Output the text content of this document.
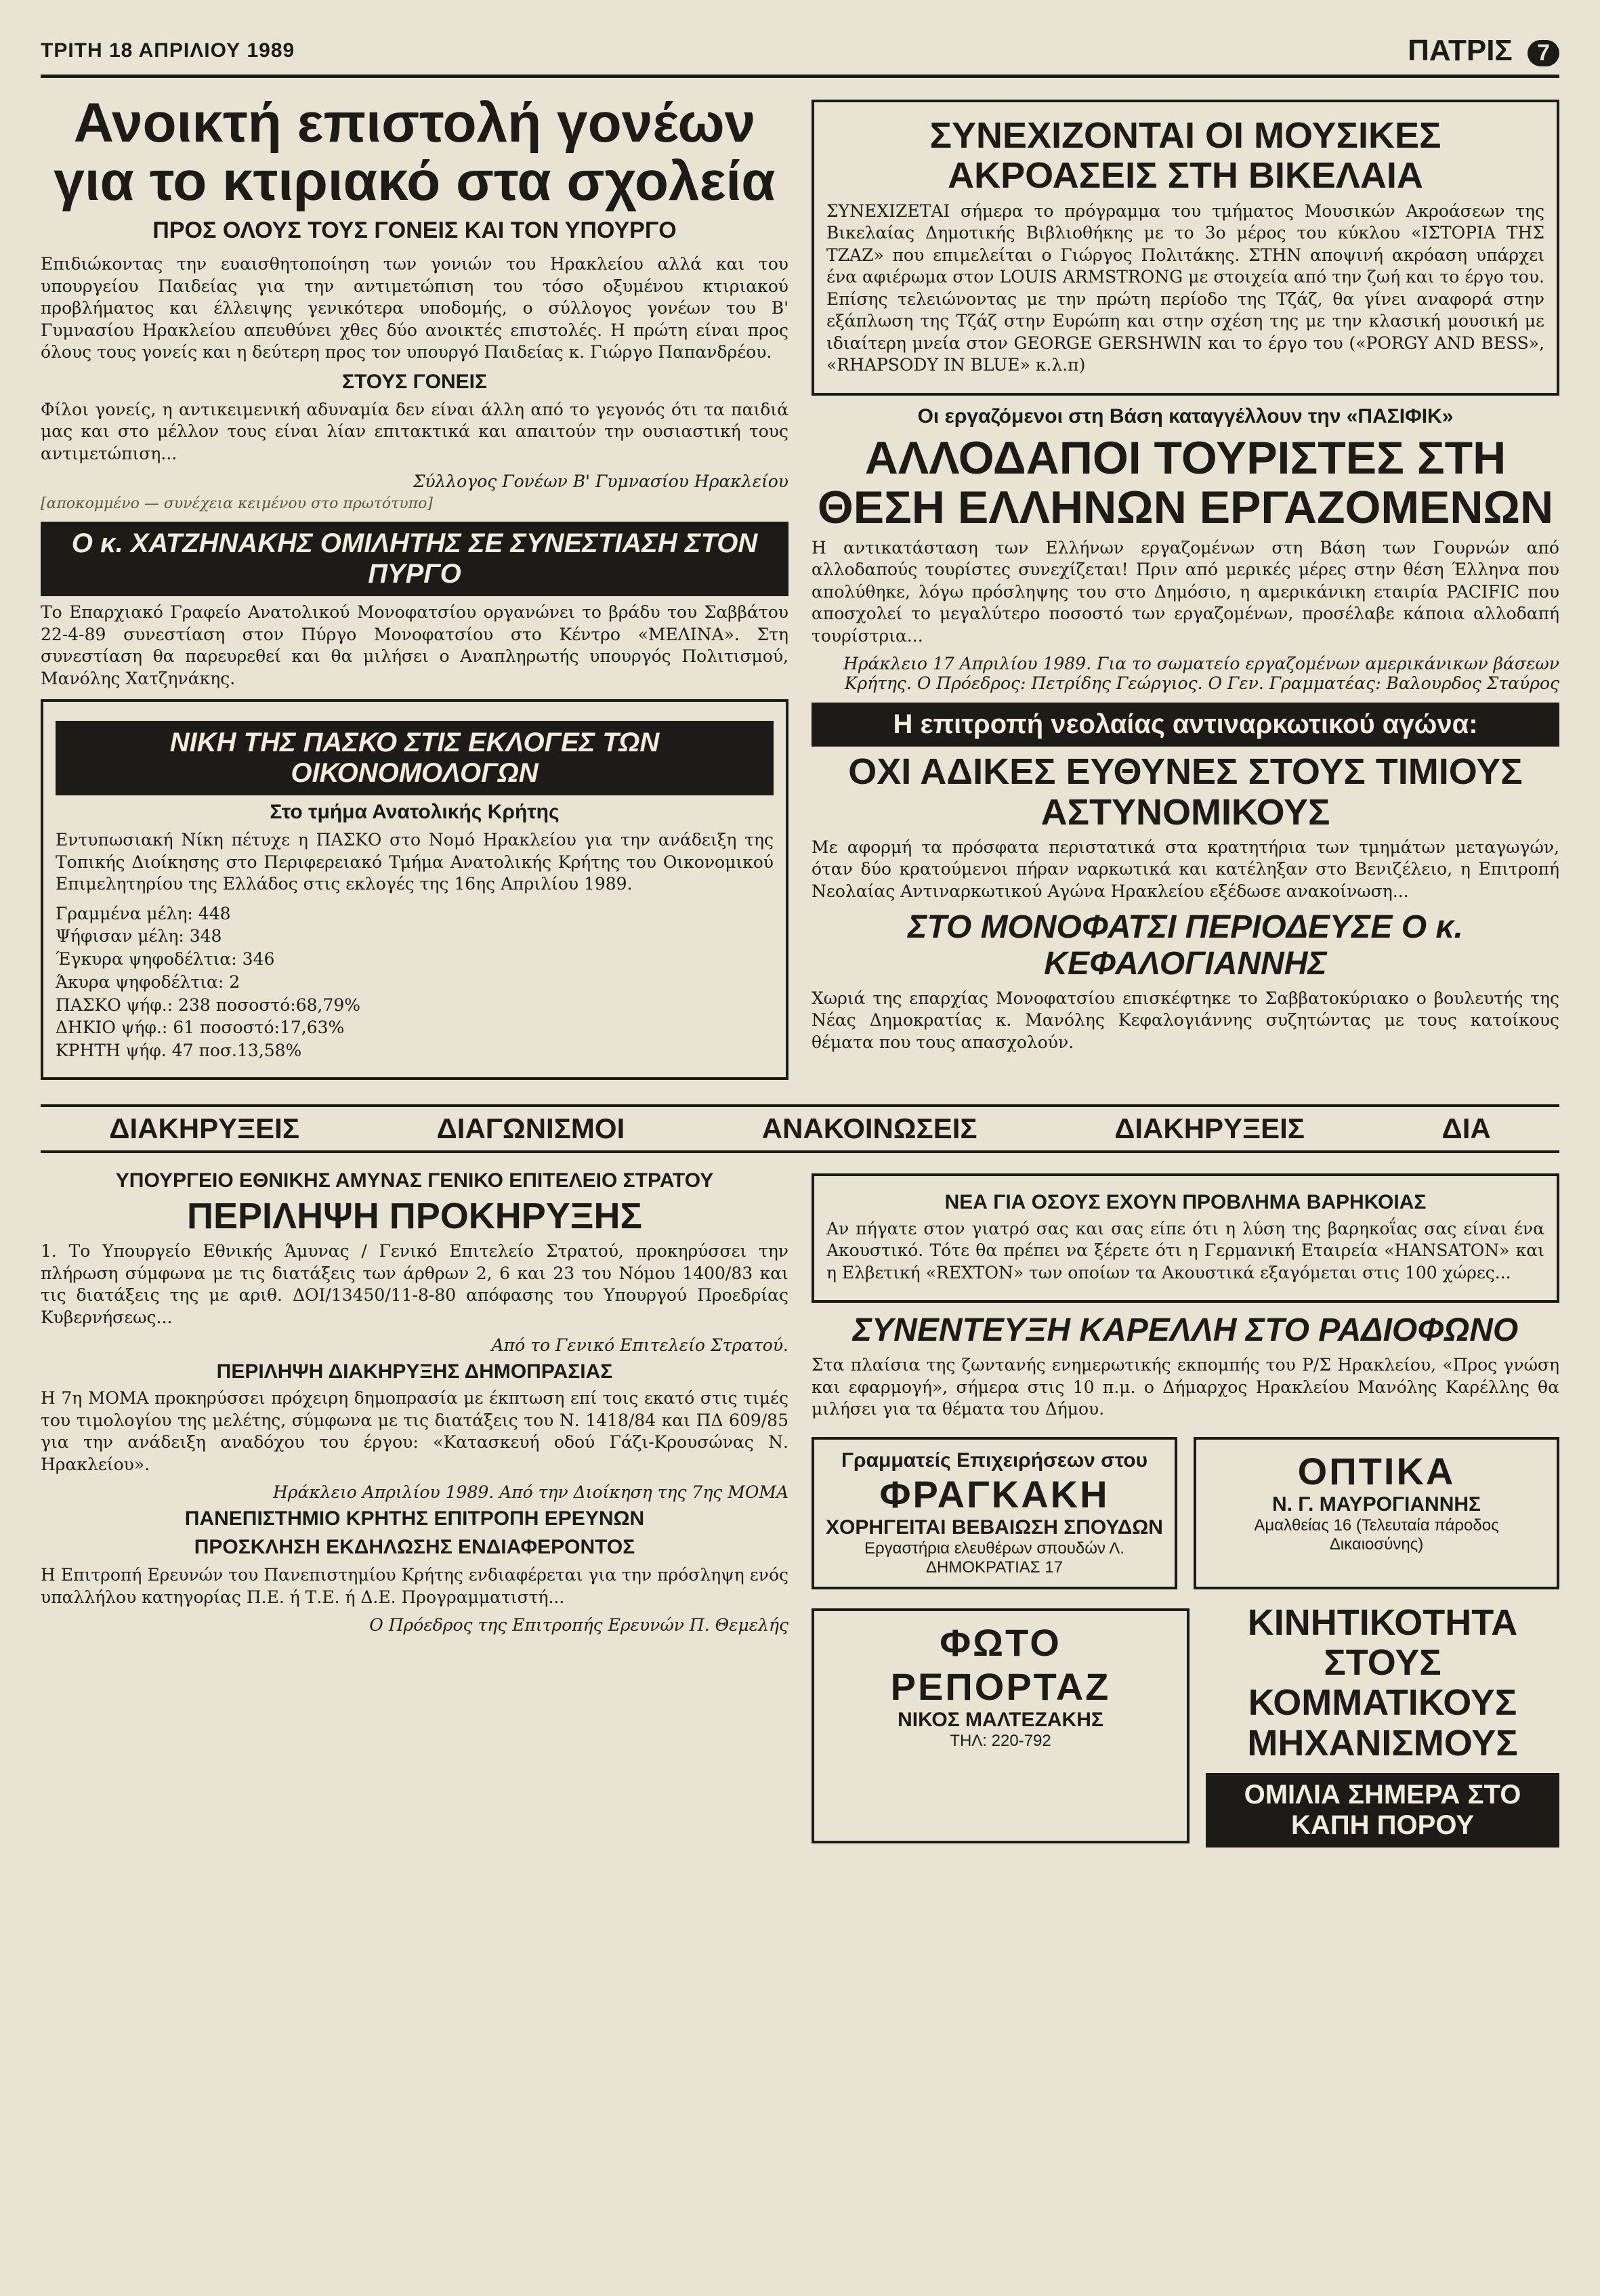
ΤΡΙΤΗ 18 ΑΠΡΙΛΙΟΥ 1989	ΠΑΤΡΙΣ 7
Ανοικτή επιστολή γονέων για το κτιριακό στα σχολεία
ΠΡΟΣ ΟΛΟΥΣ ΤΟΥΣ ΓΟΝΕΙΣ ΚΑΙ ΤΟΝ ΥΠΟΥΡΓΟ

Επιδιώκοντας την ευαισθητοποίηση των γονιών του Ηρακλείου αλλά και του υπουργείου Παιδείας για την αντιμετώπιση του τόσο οξυμένου κτιριακού προβλήματος και έλλειψης γενικότερα υποδομής, ο σύλλογος γονέων του Β' Γυμνασίου Ηρακλείου απευθύνει χθες δύο ανοικτές επιστολές. Η πρώτη είναι προς όλους τους γονείς και η δεύτερη προς τον υπουργό Παιδείας κ. Γιώργο Παπανδρέου.

ΣΤΟΥΣ ΓΟΝΕΙΣ

Φίλοι γονείς, η αντικειμενική αδυναμία δεν είναι άλλη από το γεγονός ότι τα παιδιά μας και στο μέλλον τους είναι λίαν επιτακτικά και απαιτούν την ουσιαστική τους αντιμετώπιση...

Σύλλογος Γονέων Β' Γυμνασίου Ηρακλείου
[αποκομμένο — συνέχεια κειμένου στο πρωτότυπο]
Ο κ. ΧΑΤΖΗΝΑΚΗΣ ΟΜΙΛΗΤΗΣ ΣΕ ΣΥΝΕΣΤΙΑΣΗ ΣΤΟΝ ΠΥΡΓΟ

Το Επαρχιακό Γραφείο Ανατολικού Μονοφατσίου οργανώνει το βράδυ του Σαββάτου 22-4-89 συνεστίαση στον Πύργο Μονοφατσίου στο Κέντρο «ΜΕΛΙΝΑ». Στη συνεστίαση θα παρευρεθεί και θα μιλήσει ο Αναπληρωτής υπουργός Πολιτισμού, Μανόλης Χατζηνάκης.

ΝΙΚΗ ΤΗΣ ΠΑΣΚΟ ΣΤΙΣ ΕΚΛΟΓΕΣ ΤΩΝ ΟΙΚΟΝΟΜΟΛΟΓΩΝ
Στο τμήμα Ανατολικής Κρήτης

Εντυπωσιακή Νίκη πέτυχε η ΠΑΣΚΟ στο Νομό Ηρακλείου για την ανάδειξη της Τοπικής Διοίκησης στο Περιφερειακό Τμήμα Ανατολικής Κρήτης του Οικονομικού Επιμελητηρίου της Ελλάδος στις εκλογές της 16ης Απριλίου 1989.

Γραμμένα μέλη: 448
Ψήφισαν μέλη: 348
Έγκυρα ψηφοδέλτια: 346
Άκυρα ψηφοδέλτια: 2
ΠΑΣΚΟ ψήφ.: 238 ποσοστό:68,79%
ΔΗΚΙΟ ψήφ.: 61 ποσοστό:17,63%
ΚΡΗΤΗ ψήφ. 47 ποσ.13,58%
ΣΥΝΕΧΙΖΟΝΤΑΙ ΟΙ ΜΟΥΣΙΚΕΣ ΑΚΡΟΑΣΕΙΣ ΣΤΗ ΒΙΚΕΛΑΙΑ

ΣΥΝΕΧΙΖΕΤΑΙ σήμερα το πρόγραμμα του τμήματος Μουσικών Ακροάσεων της Βικελαίας Δημοτικής Βιβλιοθήκης με το 3ο μέρος του κύκλου «ΙΣΤΟΡΙΑ ΤΗΣ ΤΖΑΖ» που επιμελείται ο Γιώργος Πολιτάκης. ΣΤΗΝ αποψινή ακρόαση υπάρχει ένα αφιέρωμα στον LOUIS ARMSTRONG με στοιχεία από την ζωή και το έργο του. Επίσης τελειώνοντας με την πρώτη περίοδο της Τζάζ, θα γίνει αναφορά στην εξάπλωση της Τζάζ στην Ευρώπη και στην σχέση της με την κλασική μουσική με ιδιαίτερη μνεία στον GEORGE GERSHWIN και το έργο του («PORGY AND BESS», «RHAPSODY IN BLUE» κ.λ.π)

Οι εργαζόμενοι στη Βάση καταγγέλλουν την «ΠΑΣΙΦΙΚ»
ΑΛΛΟΔΑΠΟΙ ΤΟΥΡΙΣΤΕΣ ΣΤΗ ΘΕΣΗ ΕΛΛΗΝΩΝ ΕΡΓΑΖΟΜΕΝΩΝ

Η αντικατάσταση των Ελλήνων εργαζομένων στη Βάση των Γουρνών από αλλοδαπούς τουρίστες συνεχίζεται! Πριν από μερικές μέρες στην θέση Έλληνα που απολύθηκε, λόγω πρόσληψης του στο Δημόσιο, η αμερικάνικη εταιρία PACIFIC που αποσχολεί το μεγαλύτερο ποσοστό των εργαζομένων, προσέλαβε κάποια αλλοδαπή τουρίστρια...

Ηράκλειο 17 Απριλίου 1989. Για το σωματείο εργαζομένων αμερικάνικων βάσεων Κρήτης. Ο Πρόεδρος: Πετρίδης Γεώργιος. Ο Γεν. Γραμματέας: Βαλουρδος Σταύρος
Η επιτροπή νεολαίας αντιναρκωτικού αγώνα:
ΟΧΙ ΑΔΙΚΕΣ ΕΥΘΥΝΕΣ ΣΤΟΥΣ ΤΙΜΙΟΥΣ ΑΣΤΥΝΟΜΙΚΟΥΣ

Με αφορμή τα πρόσφατα περιστατικά στα κρατητήρια των τμημάτων μεταγωγών, όταν δύο κρατούμενοι πήραν ναρκωτικά και κατέληξαν στο Βενιζέλειο, η Επιτροπή Νεολαίας Αντιναρκωτικού Αγώνα Ηρακλείου εξέδωσε ανακοίνωση...

ΣΤΟ ΜΟΝΟΦΑΤΣΙ ΠΕΡΙΟΔΕΥΣΕ Ο κ. ΚΕΦΑΛΟΓΙΑΝΝΗΣ

Χωριά της επαρχίας Μονοφατσίου επισκέφτηκε το Σαββατοκύριακο ο βουλευτής της Νέας Δημοκρατίας κ. Μανόλης Κεφαλογιάννης συζητώντας με τους κατοίκους θέματα που τους απασχολούν.

ΔΙΑΚΗΡΥΞΕΙΣ	ΔΙΑΓΩΝΙΣΜΟΙ	ΑΝΑΚΟΙΝΩΣΕΙΣ	ΔΙΑΚΗΡΥΞΕΙΣ	ΔΙΑ
ΥΠΟΥΡΓΕΙΟ ΕΘΝΙΚΗΣ ΑΜΥΝΑΣ ΓΕΝΙΚΟ ΕΠΙΤΕΛΕΙΟ ΣΤΡΑΤΟΥ
ΠΕΡΙΛΗΨΗ ΠΡΟΚΗΡΥΞΗΣ

1. Το Υπουργείο Εθνικής Άμυνας / Γενικό Επιτελείο Στρατού, προκηρύσσει την πλήρωση σύμφωνα με τις διατάξεις των άρθρων 2, 6 και 23 του Νόμου 1400/83 και τις διατάξεις της με αριθ. ΔΟΙ/13450/11-8-80 απόφασης του Υπουργού Προεδρίας Κυβερνήσεως...

Από το Γενικό Επιτελείο Στρατού.
ΠΕΡΙΛΗΨΗ ΔΙΑΚΗΡΥΞΗΣ ΔΗΜΟΠΡΑΣΙΑΣ

Η 7η ΜΟΜΑ προκηρύσσει πρόχειρη δημοπρασία με έκπτωση επί τοις εκατό στις τιμές του τιμολογίου της μελέτης, σύμφωνα με τις διατάξεις του Ν. 1418/84 και ΠΔ 609/85 για την ανάδειξη αναδόχου του έργου: «Κατασκευή οδού Γάζι-Κρουσώνας Ν. Ηρακλείου».

Ηράκλειο Απριλίου 1989. Από την Διοίκηση της 7ης ΜΟΜΑ
ΠΑΝΕΠΙΣΤΗΜΙΟ ΚΡΗΤΗΣ ΕΠΙΤΡΟΠΗ ΕΡΕΥΝΩΝ
ΠΡΟΣΚΛΗΣΗ ΕΚΔΗΛΩΣΗΣ ΕΝΔΙΑΦΕΡΟΝΤΟΣ

Η Επιτροπή Ερευνών του Πανεπιστημίου Κρήτης ενδιαφέρεται για την πρόσληψη ενός υπαλλήλου κατηγορίας Π.Ε. ή Τ.Ε. ή Δ.Ε. Προγραμματιστή...

Ο Πρόεδρος της Επιτροπής Ερευνών Π. Θεμελής
ΝΕΑ ΓΙΑ ΟΣΟΥΣ ΕΧΟΥΝ ΠΡΟΒΛΗΜΑ ΒΑΡΗΚΟΙΑΣ

Αν πήγατε στον γιατρό σας και σας είπε ότι η λύση της βαρηκοΐας σας είναι ένα Ακουστικό. Τότε θα πρέπει να ξέρετε ότι η Γερμανική Εταιρεία «HANSATON» και η Ελβετική «REXTON» των οποίων τα Ακουστικά εξαγόμεται στις 100 χώρες...

ΣΥΝΕΝΤΕΥΞΗ ΚΑΡΕΛΛΗ ΣΤΟ ΡΑΔΙΟΦΩΝΟ

Στα πλαίσια της ζωντανής ενημερωτικής εκπομπής του Ρ/Σ Ηρακλείου, «Προς γνώση και εφαρμογή», σήμερα στις 10 π.μ. ο Δήμαρχος Ηρακλείου Μανόλης Καρέλλης θα μιλήσει για τα θέματα του Δήμου.

Γραμματείς Επιχειρήσεων στου
ΦΡΑΓΚΑΚΗ
ΧΟΡΗΓΕΙΤΑΙ ΒΕΒΑΙΩΣΗ ΣΠΟΥΔΩΝ
Εργαστήρια ελευθέρων σπουδών Λ. ΔΗΜΟΚΡΑΤΙΑΣ 17
ΟΠΤΙΚΑ
Ν. Γ. ΜΑΥΡΟΓΙΑΝΝΗΣ
Αμαλθείας 16 (Τελευταία πάροδος Δικαιοσύνης)
ΦΩΤΟ ΡΕΠΟΡΤΑΖ
ΝΙΚΟΣ ΜΑΛΤΕΖΑΚΗΣ
ΤΗΛ: 220-792
ΚΙΝΗΤΙΚΟΤΗΤΑ ΣΤΟΥΣ ΚΟΜΜΑΤΙΚΟΥΣ ΜΗΧΑΝΙΣΜΟΥΣ
ΟΜΙΛΙΑ ΣΗΜΕΡΑ ΣΤΟ ΚΑΠΗ ΠΟΡΟΥ
